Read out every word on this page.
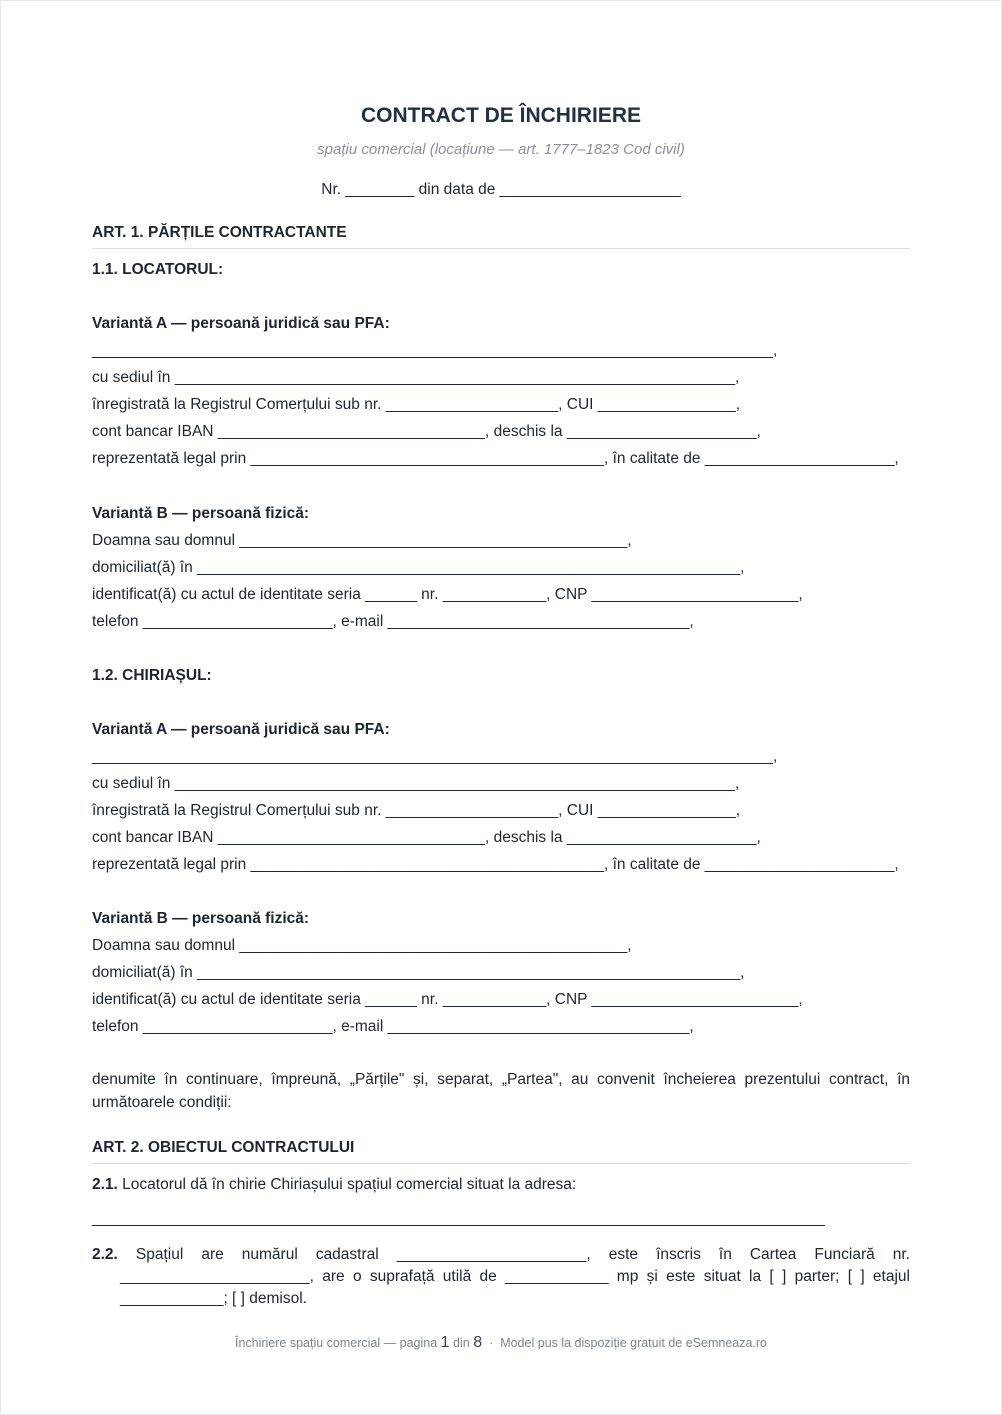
CONTRACT DE ÎNCHIRIERE
spațiu comercial (locațiune — art. 1777–1823 Cod civil)
Nr. ________ din data de _____________________
ART. 1. PĂRȚILE CONTRACTANTE
1.1. LOCATORUL:
Variantă A — persoană juridică sau PFA:
_______________________________________________________________________________,
cu sediul în _________________________________________________________________,
înregistrată la Registrul Comerțului sub nr. ____________________, CUI ________________,
cont bancar IBAN _______________________________, deschis la ______________________,
reprezentată legal prin _________________________________________, în calitate de ______________________,
Variantă B — persoană fizică:
Doamna sau domnul _____________________________________________,
domiciliat(ă) în _______________________________________________________________,
identificat(ă) cu actul de identitate seria ______ nr. ____________, CNP ________________________,
telefon ______________________, e-mail ___________________________________,
1.2. CHIRIAȘUL:
Variantă A — persoană juridică sau PFA:
_______________________________________________________________________________,
cu sediul în _________________________________________________________________,
înregistrată la Registrul Comerțului sub nr. ____________________, CUI ________________,
cont bancar IBAN _______________________________, deschis la ______________________,
reprezentată legal prin _________________________________________, în calitate de ______________________,
Variantă B — persoană fizică:
Doamna sau domnul _____________________________________________,
domiciliat(ă) în _______________________________________________________________,
identificat(ă) cu actul de identitate seria ______ nr. ____________, CNP ________________________,
telefon ______________________, e-mail ___________________________________,
denumite în continuare, împreună, „Părțile" și, separat, „Partea", au convenit încheierea prezentului contract, în următoarele condiții:
ART. 2. OBIECTUL CONTRACTULUI
2.1. Locatorul dă în chirie Chiriașului spațiul comercial situat la adresa:
_____________________________________________________________________________________
2.2. Spațiul are numărul cadastral ______________________, este înscris în Cartea Funciară nr.
______________________, are o suprafață utilă de ____________ mp și este situat la [ ] parter; [ ] etajul
____________; [ ] demisol.
Închiriere spațiu comercial — pagina 1 din 8 · Model pus la dispoziție gratuit de eSemneaza.ro
